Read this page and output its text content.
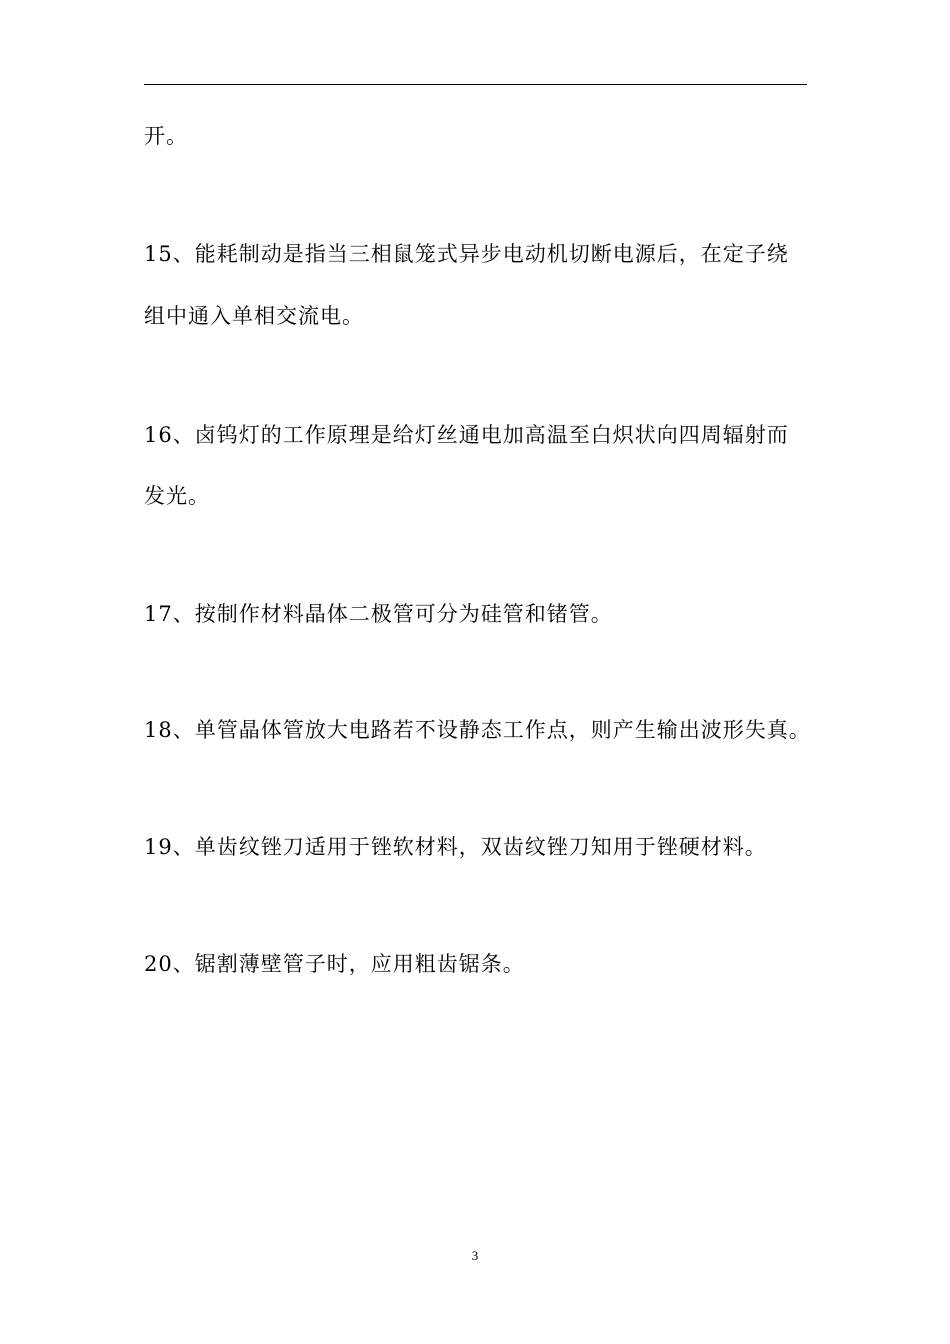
开。
15、能耗制动是指当三相鼠笼式异步电动机切断电源后，在定子绕
组中通入单相交流电。
16、卤钨灯的工作原理是给灯丝通电加高温至白炽状向四周辐射而
发光。
17、按制作材料晶体二极管可分为硅管和锗管。
18、单管晶体管放大电路若不设静态工作点，则产生输出波形失真。
19、单齿纹锉刀适用于锉软材料，双齿纹锉刀知用于锉硬材料。
20、锯割薄壁管子时，应用粗齿锯条。
3
